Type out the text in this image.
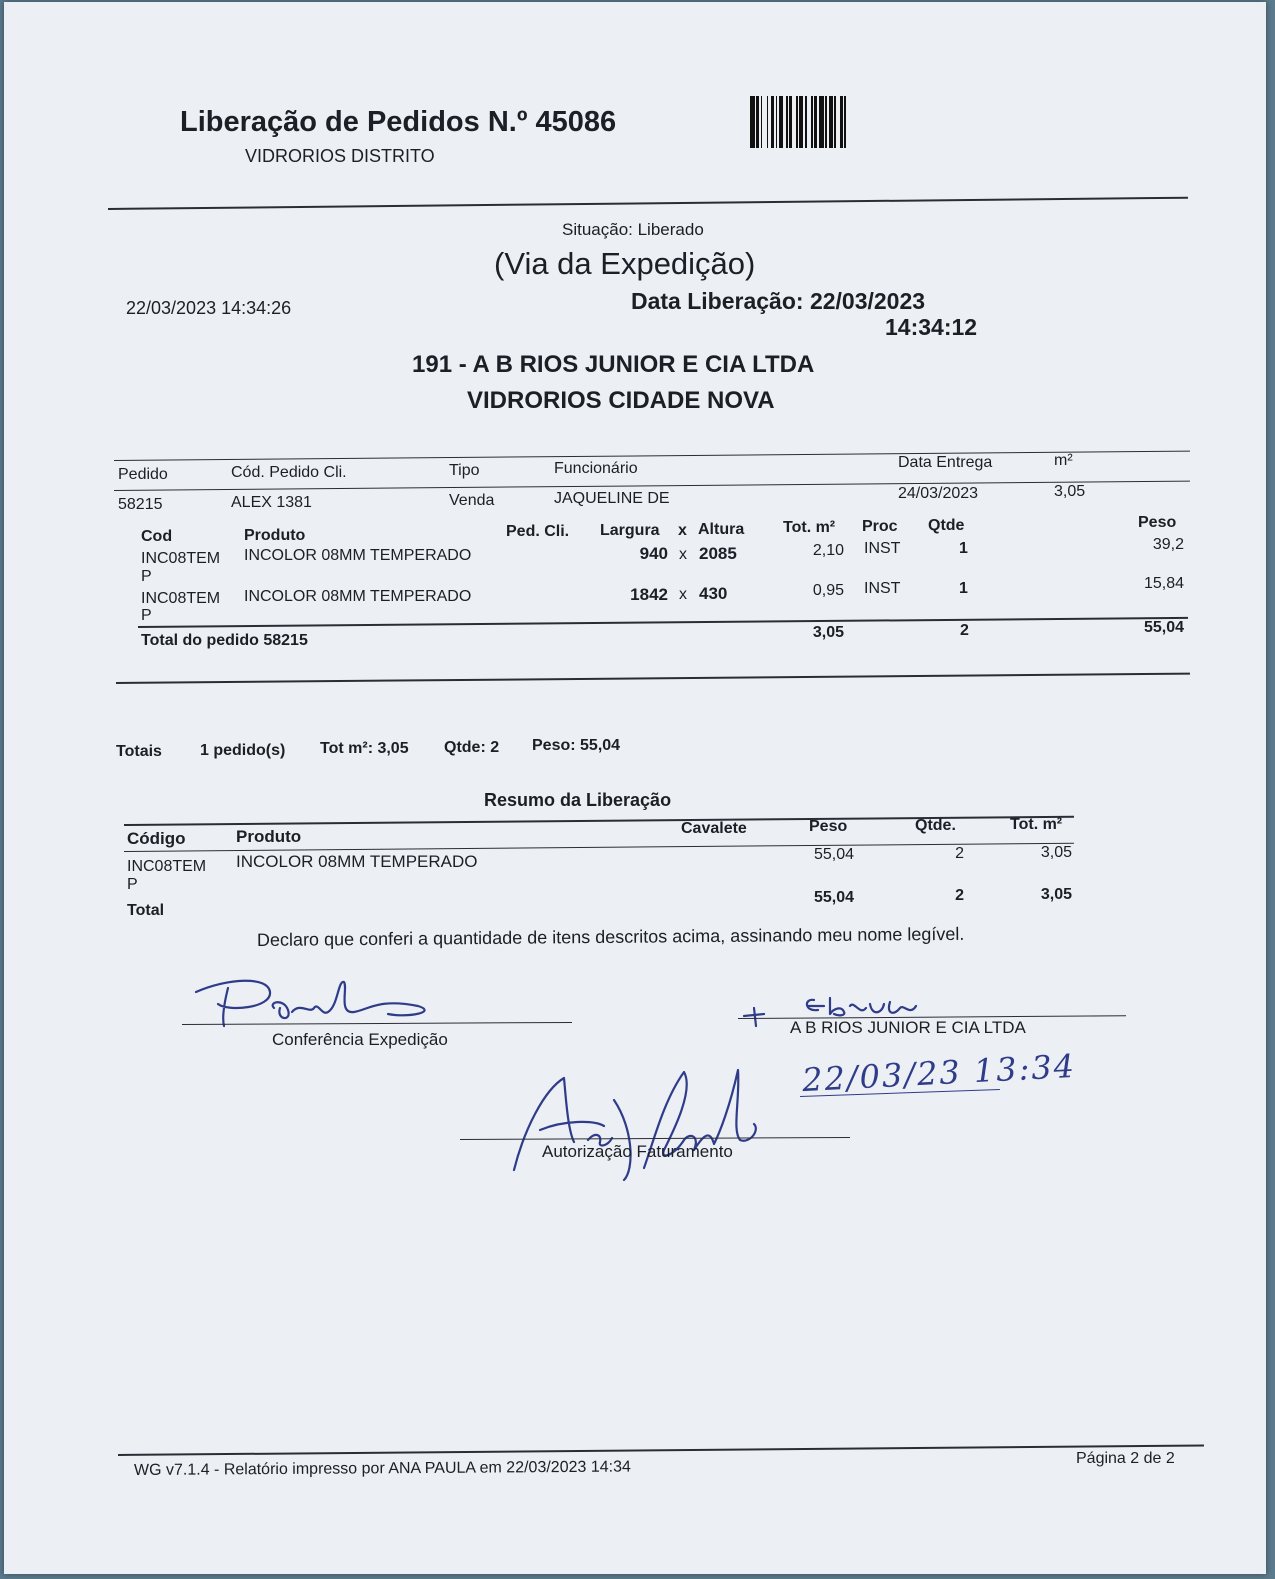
Liberação de Pedidos N.º 45086
VIDRORIOS DISTRITO
Situação: Liberado
(Via da Expedição)
22/03/2023 14:34:26	Data Liberação: 22/03/2023
14:34:12
191 - A B RIOS JUNIOR E CIA LTDA
VIDRORIOS CIDADE NOVA
Pedido	Cód. Pedido Cli.	Tipo	Funcionário	Data Entrega	m²
58215	ALEX 1381	Venda	JAQUELINE DE	24/03/2023	3,05
Cod	Produto	Ped. Cli. Largura x Altura Tot. m² Proc Qtde	Peso
INC08TEM
P
INCOLOR 08MM TEMPERADO	940 x 2085	2,10 INST	1	39,2
INC08TEM
P
INCOLOR 08MM TEMPERADO	1842 x 430	0,95 INST	1	15,84
Total do pedido 58215	3,05	2	55,04
Totais 1 pedido(s) Tot m²: 3,05 Qtde: 2 Peso: 55,04
Resumo da Liberação
Código	Produto	Cavalete	Peso	Qtde.	Tot. m²
INC08TEM
P
INCOLOR 08MM TEMPERADO	55,04	2	3,05
Total
55,04	2	3,05
Declaro que conferi a quantidade de itens descritos acima, assinando meu nome legível.
Conferência Expedição
A B RIOS JUNIOR E CIA LTDA
22/03/23 13:34
Autorização Faturamento
WG v7.1.4 - Relatório impresso por ANA PAULA em 22/03/2023 14:34
Página 2 de 2
